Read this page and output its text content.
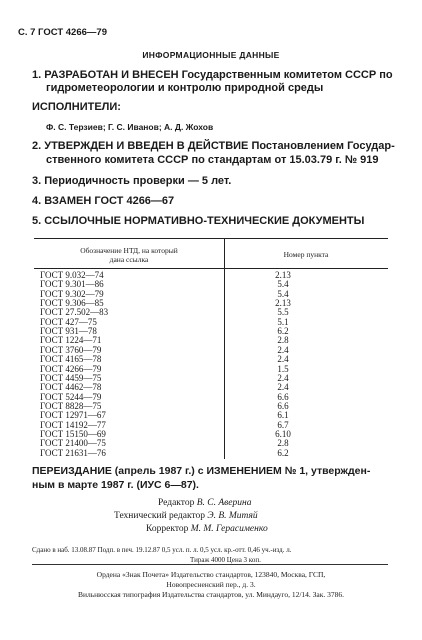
С. 7 ГОСТ 4266—79
ИНФОРМАЦИОННЫЕ ДАННЫЕ
1. РАЗРАБОТАН И ВНЕСЕН Государственным комитетом СССР по
гидрометеорологии и контролю природной среды
ИСПОЛНИТЕЛИ:
Ф. С. Терзиев; Г. С. Иванов; А. Д. Жохов
2. УТВЕРЖДЕН И ВВЕДЕН В ДЕЙСТВИЕ Постановлением Государ-
ственного комитета СССР по стандартам от 15.03.79 г. № 919
3. Периодичность проверки — 5 лет.
4. ВЗАМЕН ГОСТ 4266—67
5. ССЫЛОЧНЫЕ НОРМАТИВНО-ТЕХНИЧЕСКИЕ ДОКУМЕНТЫ
Обозначение НТД, на который
дана ссылка
Номер пункта
ГОСТ 9.032—74	2.13
ГОСТ 9.301—86	5.4
ГОСТ 9.302—79	5.4
ГОСТ 9.306—85	2.13
ГОСТ 27.502—83	5.5
ГОСТ 427—75	5.1
ГОСТ 931—78	6.2
ГОСТ 1224—71	2.8
ГОСТ 3760—79	2.4
ГОСТ 4165—78	2.4
ГОСТ 4266—79	1.5
ГОСТ 4459—75	2.4
ГОСТ 4462—78	2.4
ГОСТ 5244—79	6.6
ГОСТ 8828—75	6.6
ГОСТ 12971—67	6.1
ГОСТ 14192—77	6.7
ГОСТ 15150—69	6.10
ГОСТ 21400—75	2.8
ГОСТ 21631—76	6.2
ПЕРЕИЗДАНИЕ (апрель 1987 г.) с ИЗМЕНЕНИЕМ № 1, утвержден-
ным в марте 1987 г. (ИУС 6—87).
Редактор В. С. Аверина
Технический редактор Э. В. Митяй
Корректор М. М. Герасименко
Сдано в наб. 13.08.87 Подп. в печ. 19.12.87 0,5 усл. п. л. 0,5 усл. кр.-отт. 0,46 уч.-изд. л.
Тираж 4000 Цена 3 коп.
Ордена «Знак Почета» Издательство стандартов, 123840, Москва, ГСП,
Новопресненский пер., д. 3.
Вильнюсская типография Издательства стандартов, ул. Миндауго, 12/14. Зак. 3786.
